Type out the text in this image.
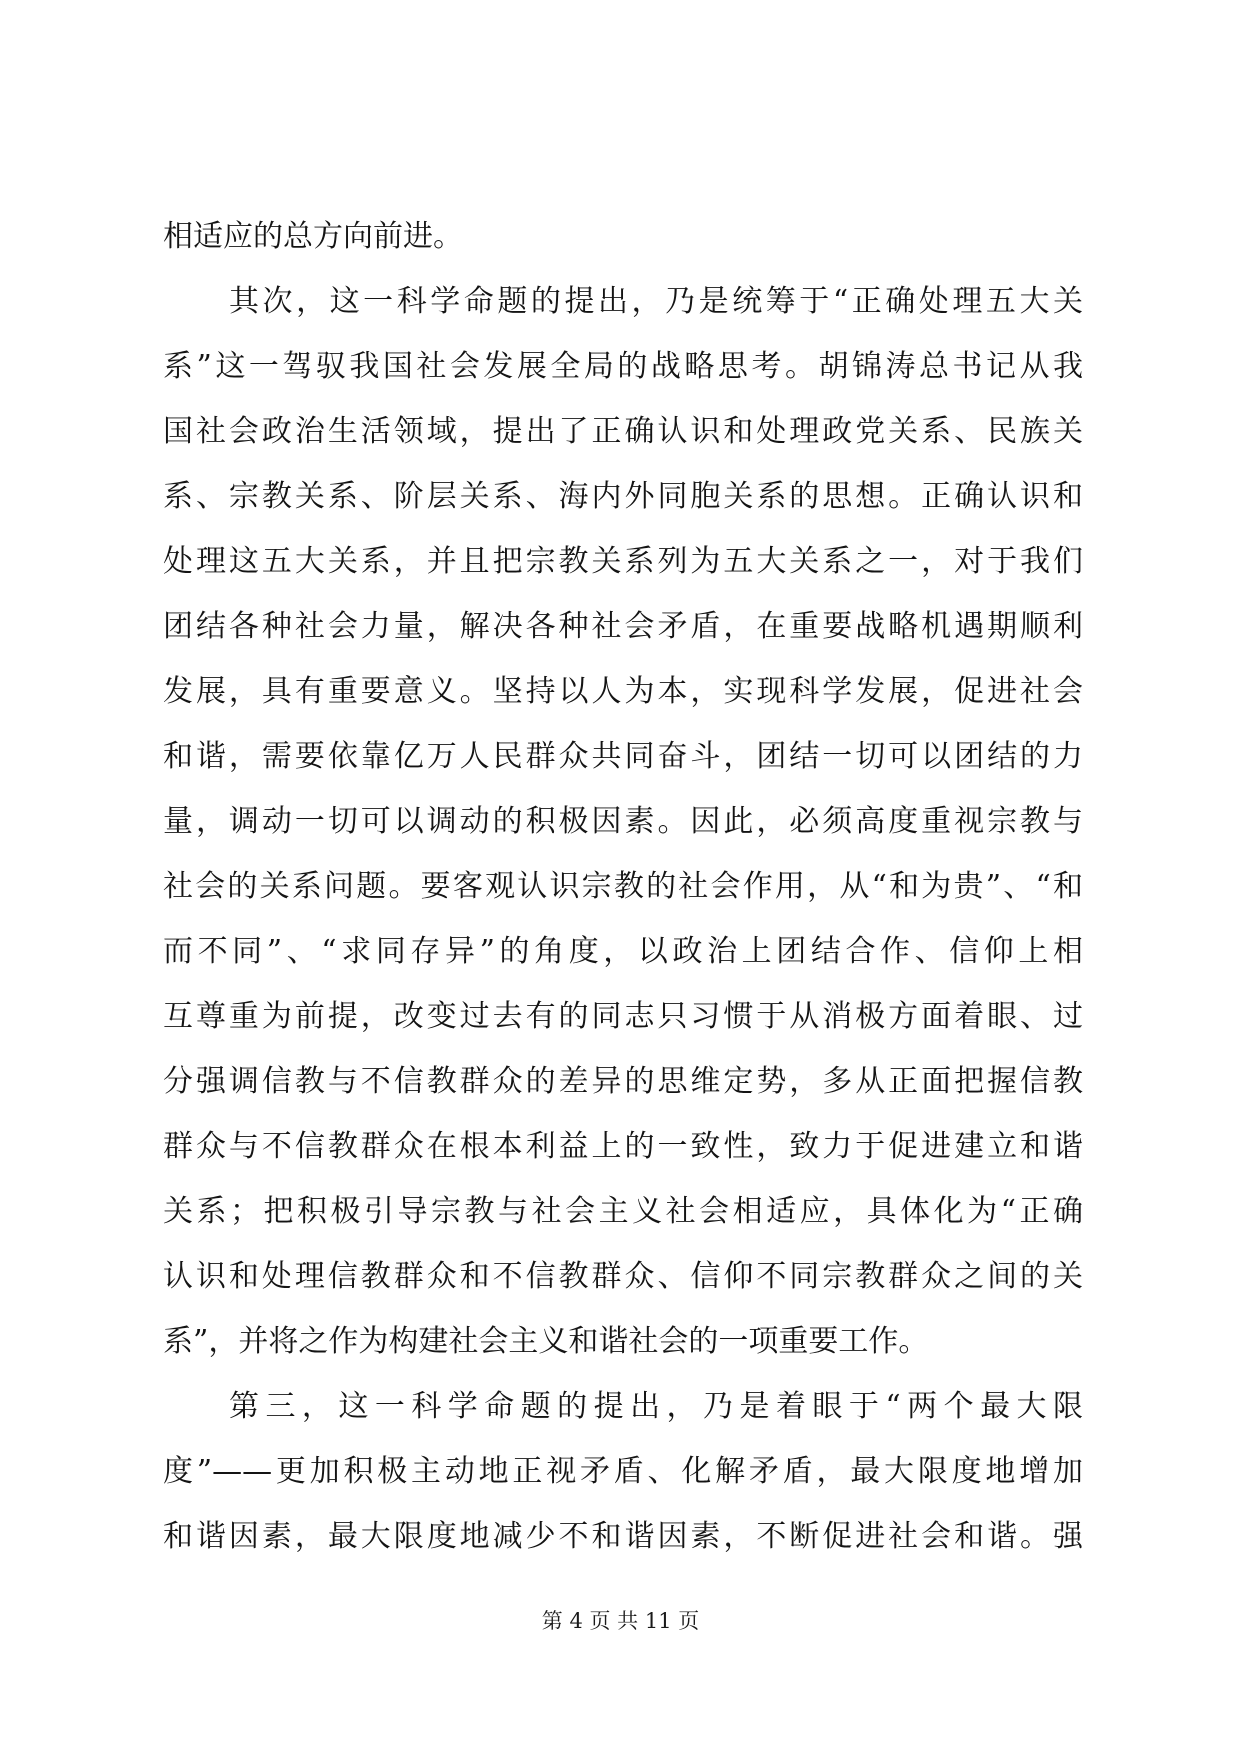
相适应的总方向前进。
其次，这一科学命题的提出，乃是统筹于“正确处理五大关
系”这一驾驭我国社会发展全局的战略思考。胡锦涛总书记从我
国社会政治生活领域，提出了正确认识和处理政党关系、民族关
系、宗教关系、阶层关系、海内外同胞关系的思想。正确认识和
处理这五大关系，并且把宗教关系列为五大关系之一，对于我们
团结各种社会力量，解决各种社会矛盾，在重要战略机遇期顺利
发展，具有重要意义。坚持以人为本，实现科学发展，促进社会
和谐，需要依靠亿万人民群众共同奋斗，团结一切可以团结的力
量，调动一切可以调动的积极因素。因此，必须高度重视宗教与
社会的关系问题。要客观认识宗教的社会作用，从“和为贵”、“和
而不同”、“求同存异”的角度，以政治上团结合作、信仰上相
互尊重为前提，改变过去有的同志只习惯于从消极方面着眼、过
分强调信教与不信教群众的差异的思维定势，多从正面把握信教
群众与不信教群众在根本利益上的一致性，致力于促进建立和谐
关系；把积极引导宗教与社会主义社会相适应，具体化为“正确
认识和处理信教群众和不信教群众、信仰不同宗教群众之间的关
系”，并将之作为构建社会主义和谐社会的一项重要工作。
第三，这一科学命题的提出，乃是着眼于“两个最大限
度”——更加积极主动地正视矛盾、化解矛盾，最大限度地增加
和谐因素，最大限度地减少不和谐因素，不断促进社会和谐。强
第 4 页 共 11 页
